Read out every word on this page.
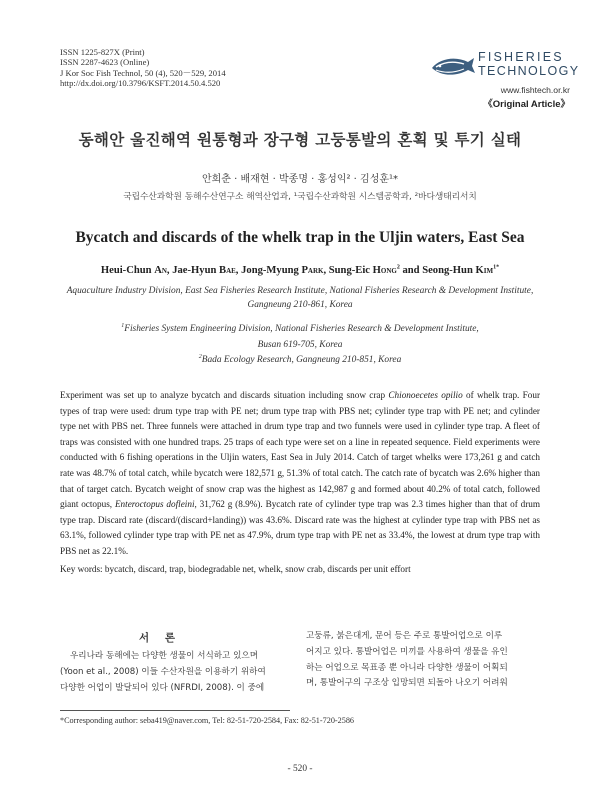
ISSN 1225-827X (Print)
ISSN 2287-4623 (Online)
J Kor Soc Fish Technol, 50 (4), 520－529, 2014
http://dx.doi.org/10.3796/KSFT.2014.50.4.520
FISHERIES
TECHNOLOGY
www.fishtech.or.kr
《Original Article》
동해안 울진해역 원통형과 장구형 고둥통발의 혼획 및 투기 실태
안희춘 · 배재현 · 박종명 · 홍성익² · 김성훈¹*
국립수산과학원 동해수산연구소 해역산업과, ¹국립수산과학원 시스템공학과, ²바다생태리서치
Bycatch and discards of the whelk trap in the Uljin waters, East Sea
Heui-Chun An, Jae-Hyun Bae, Jong-Myung Park, Sung-Eic Hong$^2$ and Seong-Hun Kim$^{1*}$
Aquaculture Industry Division, East Sea Fisheries Research Institute, National Fisheries Research & Development Institute,
Gangneung 210-861, Korea
$^1$Fisheries System Engineering Division, National Fisheries Research & Development Institute,
Busan 619-705, Korea
$^2$Bada Ecology Research, Gangneung 210-851, Korea
Experiment was set up to analyze bycatch and discards situation including snow crap Chionoecetes opilio of whelk trap. Four types of trap were used: drum type trap with PE net; drum type trap with PBS net; cylinder type trap with PE net; and cylinder type net with PBS net. Three funnels were attached in drum type trap and two funnels were used in cylinder type trap. A fleet of traps was consisted with one hundred traps. 25 traps of each type were set on a line in repeated sequence. Field experiments were conducted with 6 fishing operations in the Uljin waters, East Sea in July 2014. Catch of target whelks were 173,261 g and catch rate was 48.7% of total catch, while bycatch were 182,571 g, 51.3% of total catch. The catch rate of bycatch was 2.6% higher than that of target catch. Bycatch weight of snow crap was the highest as 142,987 g and formed about 40.2% of total catch, followed giant octopus, Enteroctopus dofleini, 31,762 g (8.9%). Bycatch rate of cylinder type trap was 2.3 times higher than that of drum type trap. Discard rate (discard/(discard+landing)) was 43.6%. Discard rate was the highest at cylinder type trap with PBS net as 63.1%, followed cylinder type trap with PE net as 47.9%, drum type trap with PE net as 33.4%, the lowest at drum type trap with PBS net as 22.1%.
Key words: bycatch, discard, trap, biodegradable net, whelk, snow crab, discards per unit effort
서 론
우리나라 동해에는 다양한 생물이 서식하고 있으며
(Yoon et al., 2008) 이들 수산자원을 이용하기 위하여
다양한 어업이 발달되어 있다 (NFRDI, 2008). 이 중에
고둥류, 붉은대게, 문어 등은 주로 통발어업으로 이루
어지고 있다. 통발어업은 미끼를 사용하여 생물을 유인
하는 어업으로 목표종 뿐 아니라 다양한 생물이 어획되
며, 통발어구의 구조상 입망되면 되돌아 나오기 어려워
*Corresponding author: seba419@naver.com, Tel: 82-51-720-2584, Fax: 82-51-720-2586
- 520 -
